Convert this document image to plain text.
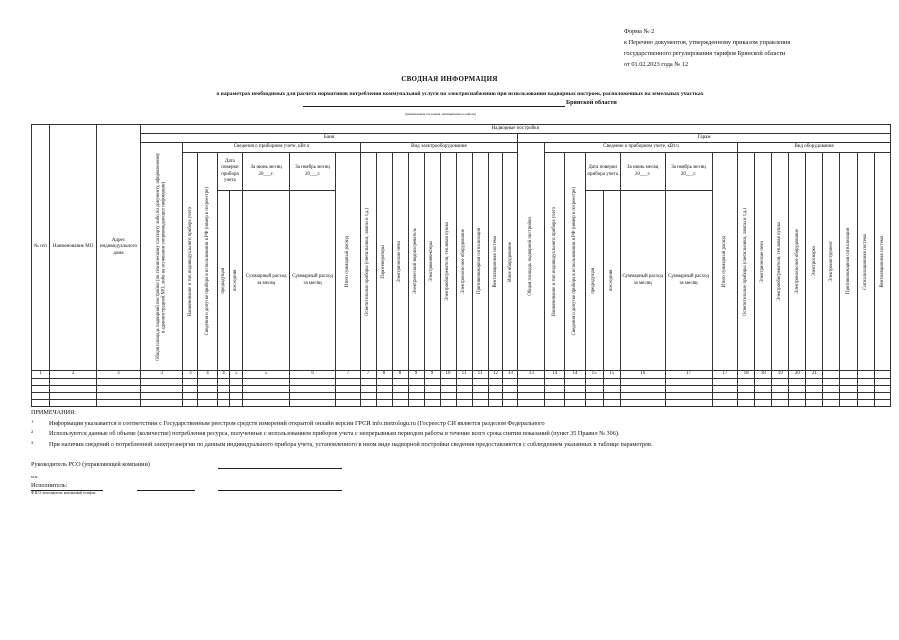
Форма № 2
к Перечню документов, утвержденному приказом управления
государственного регулирования тарифов Брянской области
от 01.02.2023 года № 12
СВОДНАЯ ИНФОРМАЦИЯ
о параметрах необходимых для расчета нормативов потребления коммунальной услуги по электроснабжению при использовании надворных построек, расположенных на земельных участках
Брянской области
(наименование поселения, муниципального района)
№ п/п	Наименование МО	Адрес индивидуального дома	Надворные постройки																																		
			Баня																		Гараж																

			Общая площадь надворной постройки (по техническому паспорту либо по документу, оформленному в администрацией МО, либо на основании сопровождающих инфомации)	Сведения о приборном учете, кВт.ч							Вид электрооборудования										Общая площадь надворной постройки	Сведение о приборном учете, кВт.ч							Вид оборудования								

				Наименование и тип индивидуального прибора учета	Сведения о допуске прибора в использовании в РФ (номер в госреестре)	Дата поверки прибора учета		За июнь месяц 20___г.	За ноябрь месяц 20___г.	Итого суммарный расход	Осветительные приборы (светильники, лампы и т.д.)	Парогенераторы	Электрические печи	Электрический водонагреватель	Электроконвекторы	Электрообогреватели, тепловая пушка	Электронасосное оборудование	Противопожарная сигнализация	Вентиляционная система	Иное оборудование		Наименование и тип индивидуального прибора учета	Сведения о допуске прибора в использовании в РФ (номер в госреестре)	Дата поверки прибора учета		За июнь месяц 20___г.	За ноябрь месяц 20___г.	Итого суммарный расход	Осветительные приборы (светильники, лампы и т.д.)	Электрические печи	Электрообогреватели, тепловая пушка	Электронасосное оборудование	Электросварка	Электроинструмент	Противопожарная сигнализация	Сигнализационная система	Вентиляционная система

						предыдущая	последняя	Суммарный расход за месяц	Суммарный расход за месяц															предыдущая	последняя	Суммарный расход за месяц	Суммарный расход за месяц										
1	2	3	3	3	4	4	5	5	6	7	7	8	8	9	9	10	11	11	12	13	13	14	14	15	15	16	17	17	18	18	19	20	21				

ПРИМЕЧАНИЯ:
1	Информация указывается в соответствии с Государственным реестром средств измерений открытой онлайн версии ГРСИ info.metrologu.ru (Госреестр СИ является разделом Федерального
2	Используются данные об объеме (количестве) потребления ресурса, полученные с использованием приборов учета с непрерывным периодом работы в течение всего срока снятия показаний (пункт 35 Правил № 306).
3	При наличии сведений о потребленной электроэнергии по данным индивидуального прибора учета, установленного в ином виде надворной постройки сведения предоставляются с соблюдением указанных в таблице параметров.
Руководитель РСО (управляющей компании)
м.п.
Исполнитель:
Ф.И.О. исполнителя, контактный телефон
